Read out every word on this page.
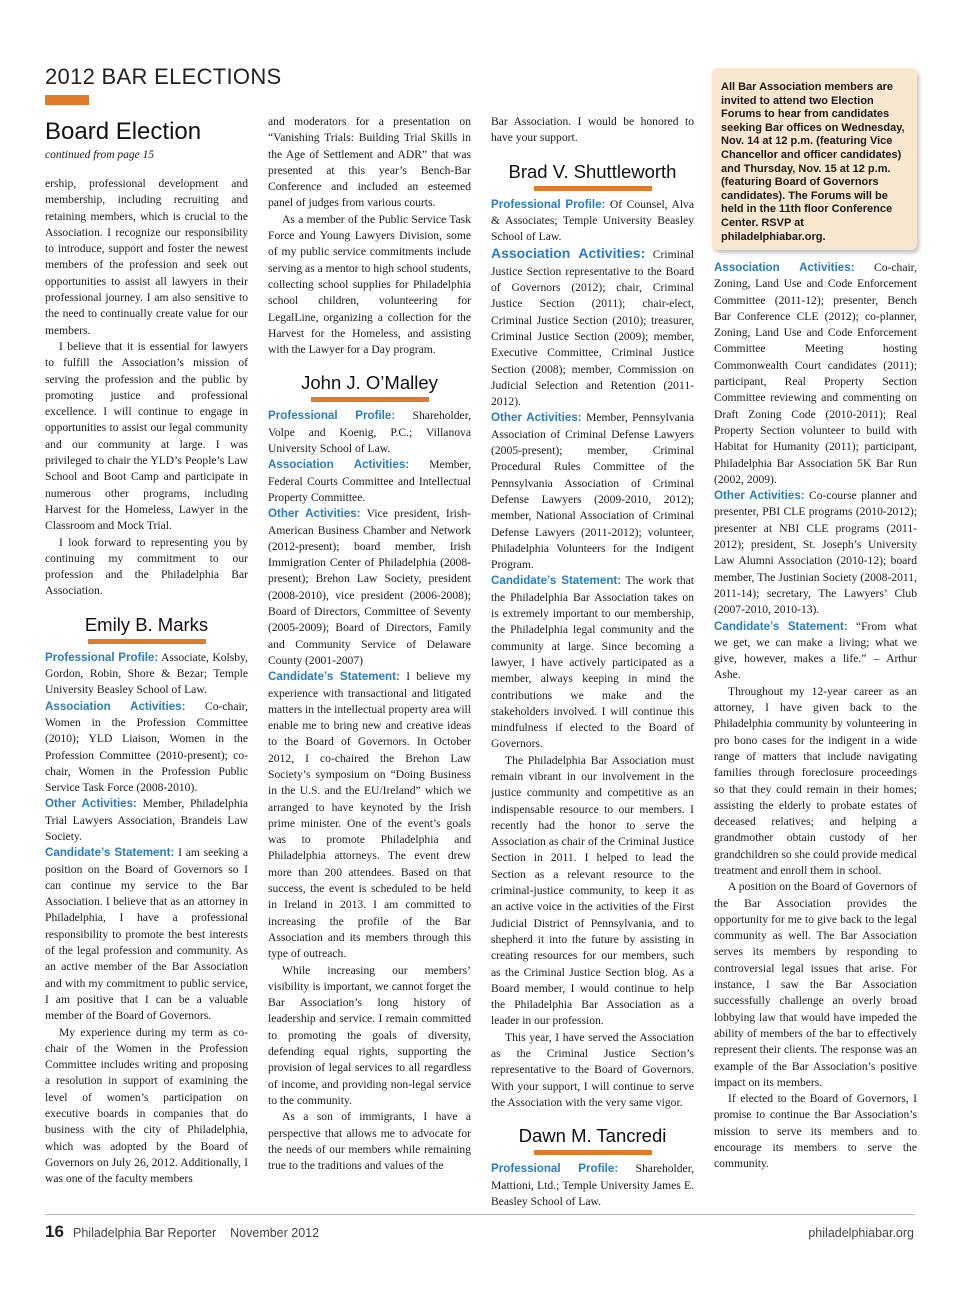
2012 BAR ELECTIONS
Board Election
continued from page 15

ership, professional development and membership, including recruiting and retaining members, which is crucial to the Association. I recognize our responsibility to introduce, support and foster the newest members of the profession and seek out opportunities to assist all lawyers in their professional journey. I am also sensitive to the need to continually create value for our members.

I believe that it is essential for lawyers to fulfill the Association’s mission of serving the profession and the public by promoting justice and professional excellence. I will continue to engage in opportunities to assist our legal community and our community at large. I was privileged to chair the YLD’s People’s Law School and Boot Camp and participate in numerous other programs, including Harvest for the Homeless, Lawyer in the Classroom and Mock Trial.

I look forward to representing you by continuing my commitment to our profession and the Philadelphia Bar Association.

Emily B. Marks

Professional Profile: Associate, Kolsby, Gordon, Robin, Shore & Bezar; Temple University Beasley School of Law.

Association Activities: Co-chair, Women in the Profession Committee (2010); YLD Liaison, Women in the Profession Committee (2010-present); co-chair, Women in the Profession Public Service Task Force (2008-2010).

Other Activities: Member, Philadelphia Trial Lawyers Association, Brandeis Law Society.

Candidate’s Statement: I am seeking a position on the Board of Governors so I can continue my service to the Bar Association. I believe that as an attorney in Philadelphia, I have a professional responsibility to promote the best interests of the legal profession and community. As an active member of the Bar Association and with my commitment to public service, I am positive that I can be a valuable member of the Board of Governors.

My experience during my term as co-chair of the Women in the Profession Committee includes writing and proposing a resolution in support of examining the level of women’s participation on executive boards in companies that do business with the city of Philadelphia, which was adopted by the Board of Governors on July 26, 2012. Additionally, I was one of the faculty members

and moderators for a presentation on “Vanishing Trials: Building Trial Skills in the Age of Settlement and ADR” that was presented at this year’s Bench-Bar Conference and included an esteemed panel of judges from various courts.

As a member of the Public Service Task Force and Young Lawyers Division, some of my public service commitments include serving as a mentor to high school students, collecting school supplies for Philadelphia school children, volunteering for LegalLine, organizing a collection for the Harvest for the Homeless, and assisting with the Lawyer for a Day program.

John J. O’Malley

Professional Profile: Shareholder, Volpe and Koenig, P.C.; Villanova University School of Law.

Association Activities: Member, Federal Courts Committee and Intellectual Property Committee.

Other Activities: Vice president, Irish-American Business Chamber and Network (2012-present); board member, Irish Immigration Center of Philadelphia (2008-present); Brehon Law Society, president (2008-2010), vice president (2006-2008); Board of Directors, Committee of Seventy (2005-2009); Board of Directors, Family and Community Service of Delaware County (2001-2007)

Candidate’s Statement: I believe my experience with transactional and litigated matters in the intellectual property area will enable me to bring new and creative ideas to the Board of Governors. In October 2012, I co-chaired the Brehon Law Society’s symposium on “Doing Business in the U.S. and the EU/Ireland” which we arranged to have keynoted by the Irish prime minister. One of the event’s goals was to promote Philadelphia and Philadelphia attorneys. The event drew more than 200 attendees. Based on that success, the event is scheduled to be held in Ireland in 2013. I am committed to increasing the profile of the Bar Association and its members through this type of outreach.

While increasing our members’ visibility is important, we cannot forget the Bar Association’s long history of leadership and service. I remain committed to promoting the goals of diversity, defending equal rights, supporting the provision of legal services to all regardless of income, and providing non-legal service to the community.

As a son of immigrants, I have a perspective that allows me to advocate for the needs of our members while remaining true to the traditions and values of the

Bar Association. I would be honored to have your support.

Brad V. Shuttleworth

Professional Profile: Of Counsel, Alva & Associates; Temple University Beasley School of Law.

Association Activities: Criminal Justice Section representative to the Board of Governors (2012); chair, Criminal Justice Section (2011); chair-elect, Criminal Justice Section (2010); treasurer, Criminal Justice Section (2009); member, Executive Committee, Criminal Justice Section (2008); member, Commission on Judicial Selection and Retention (2011-2012).

Other Activities: Member, Pennsylvania Association of Criminal Defense Lawyers (2005-present); member, Criminal Procedural Rules Committee of the Pennsylvania Association of Criminal Defense Lawyers (2009-2010, 2012); member, National Association of Criminal Defense Lawyers (2011-2012); volunteer, Philadelphia Volunteers for the Indigent Program.

Candidate’s Statement: The work that the Philadelphia Bar Association takes on is extremely important to our membership, the Philadelphia legal community and the community at large. Since becoming a lawyer, I have actively participated as a member, always keeping in mind the contributions we make and the stakeholders involved. I will continue this mindfulness if elected to the Board of Governors.

The Philadelphia Bar Association must remain vibrant in our involvement in the justice community and competitive as an indispensable resource to our members. I recently had the honor to serve the Association as chair of the Criminal Justice Section in 2011. I helped to lead the Section as a relevant resource to the criminal-justice community, to keep it as an active voice in the activities of the First Judicial District of Pennsylvania, and to shepherd it into the future by assisting in creating resources for our members, such as the Criminal Justice Section blog. As a Board member, I would continue to help the Philadelphia Bar Association as a leader in our profession.

This year, I have served the Association as the Criminal Justice Section’s representative to the Board of Governors. With your support, I will continue to serve the Association with the very same vigor.

Dawn M. Tancredi

Professional Profile: Shareholder, Mattioni, Ltd.; Temple University James E. Beasley School of Law.

All Bar Association members are invited to attend two Election Forums to hear from candidates seeking Bar offices on Wednesday, Nov. 14 at 12 p.m. (featuring Vice Chancellor and officer candidates) and Thursday, Nov. 15 at 12 p.m. (featuring Board of Governors candidates). The Forums will be held in the 11th floor Conference Center. RSVP at philadelphiabar.org.

Association Activities: Co-chair, Zoning, Land Use and Code Enforcement Committee (2011-12); presenter, Bench Bar Conference CLE (2012); co-planner, Zoning, Land Use and Code Enforcement Committee Meeting hosting Commonwealth Court candidates (2011); participant, Real Property Section Committee reviewing and commenting on Draft Zoning Code (2010-2011); Real Property Section volunteer to build with Habitat for Humanity (2011); participant, Philadelphia Bar Association 5K Bar Run (2002, 2009).

Other Activities: Co-course planner and presenter, PBI CLE programs (2010-2012); presenter at NBI CLE programs (2011-2012); president, St. Joseph’s University Law Alumni Association (2010-12); board member, The Justinian Society (2008-2011, 2011-14); secretary, The Lawyers’ Club (2007-2010, 2010-13).

Candidate’s Statement: “From what we get, we can make a living; what we give, however, makes a life.” – Arthur Ashe.

Throughout my 12-year career as an attorney, I have given back to the Philadelphia community by volunteering in pro bono cases for the indigent in a wide range of matters that include navigating families through foreclosure proceedings so that they could remain in their homes; assisting the elderly to probate estates of deceased relatives; and helping a grandmother obtain custody of her grandchildren so she could provide medical treatment and enroll them in school.

A position on the Board of Governors of the Bar Association provides the opportunity for me to give back to the legal community as well. The Bar Association serves its members by responding to controversial legal issues that arise. For instance, I saw the Bar Association successfully challenge an overly broad lobbying law that would have impeded the ability of members of the bar to effectively represent their clients. The response was an example of the Bar Association’s positive impact on its members.

If elected to the Board of Governors, I promise to continue the Bar Association’s mission to serve its members and to encourage its members to serve the community.

16 Philadelphia Bar Reporter November 2012	philadelphiabar.org
